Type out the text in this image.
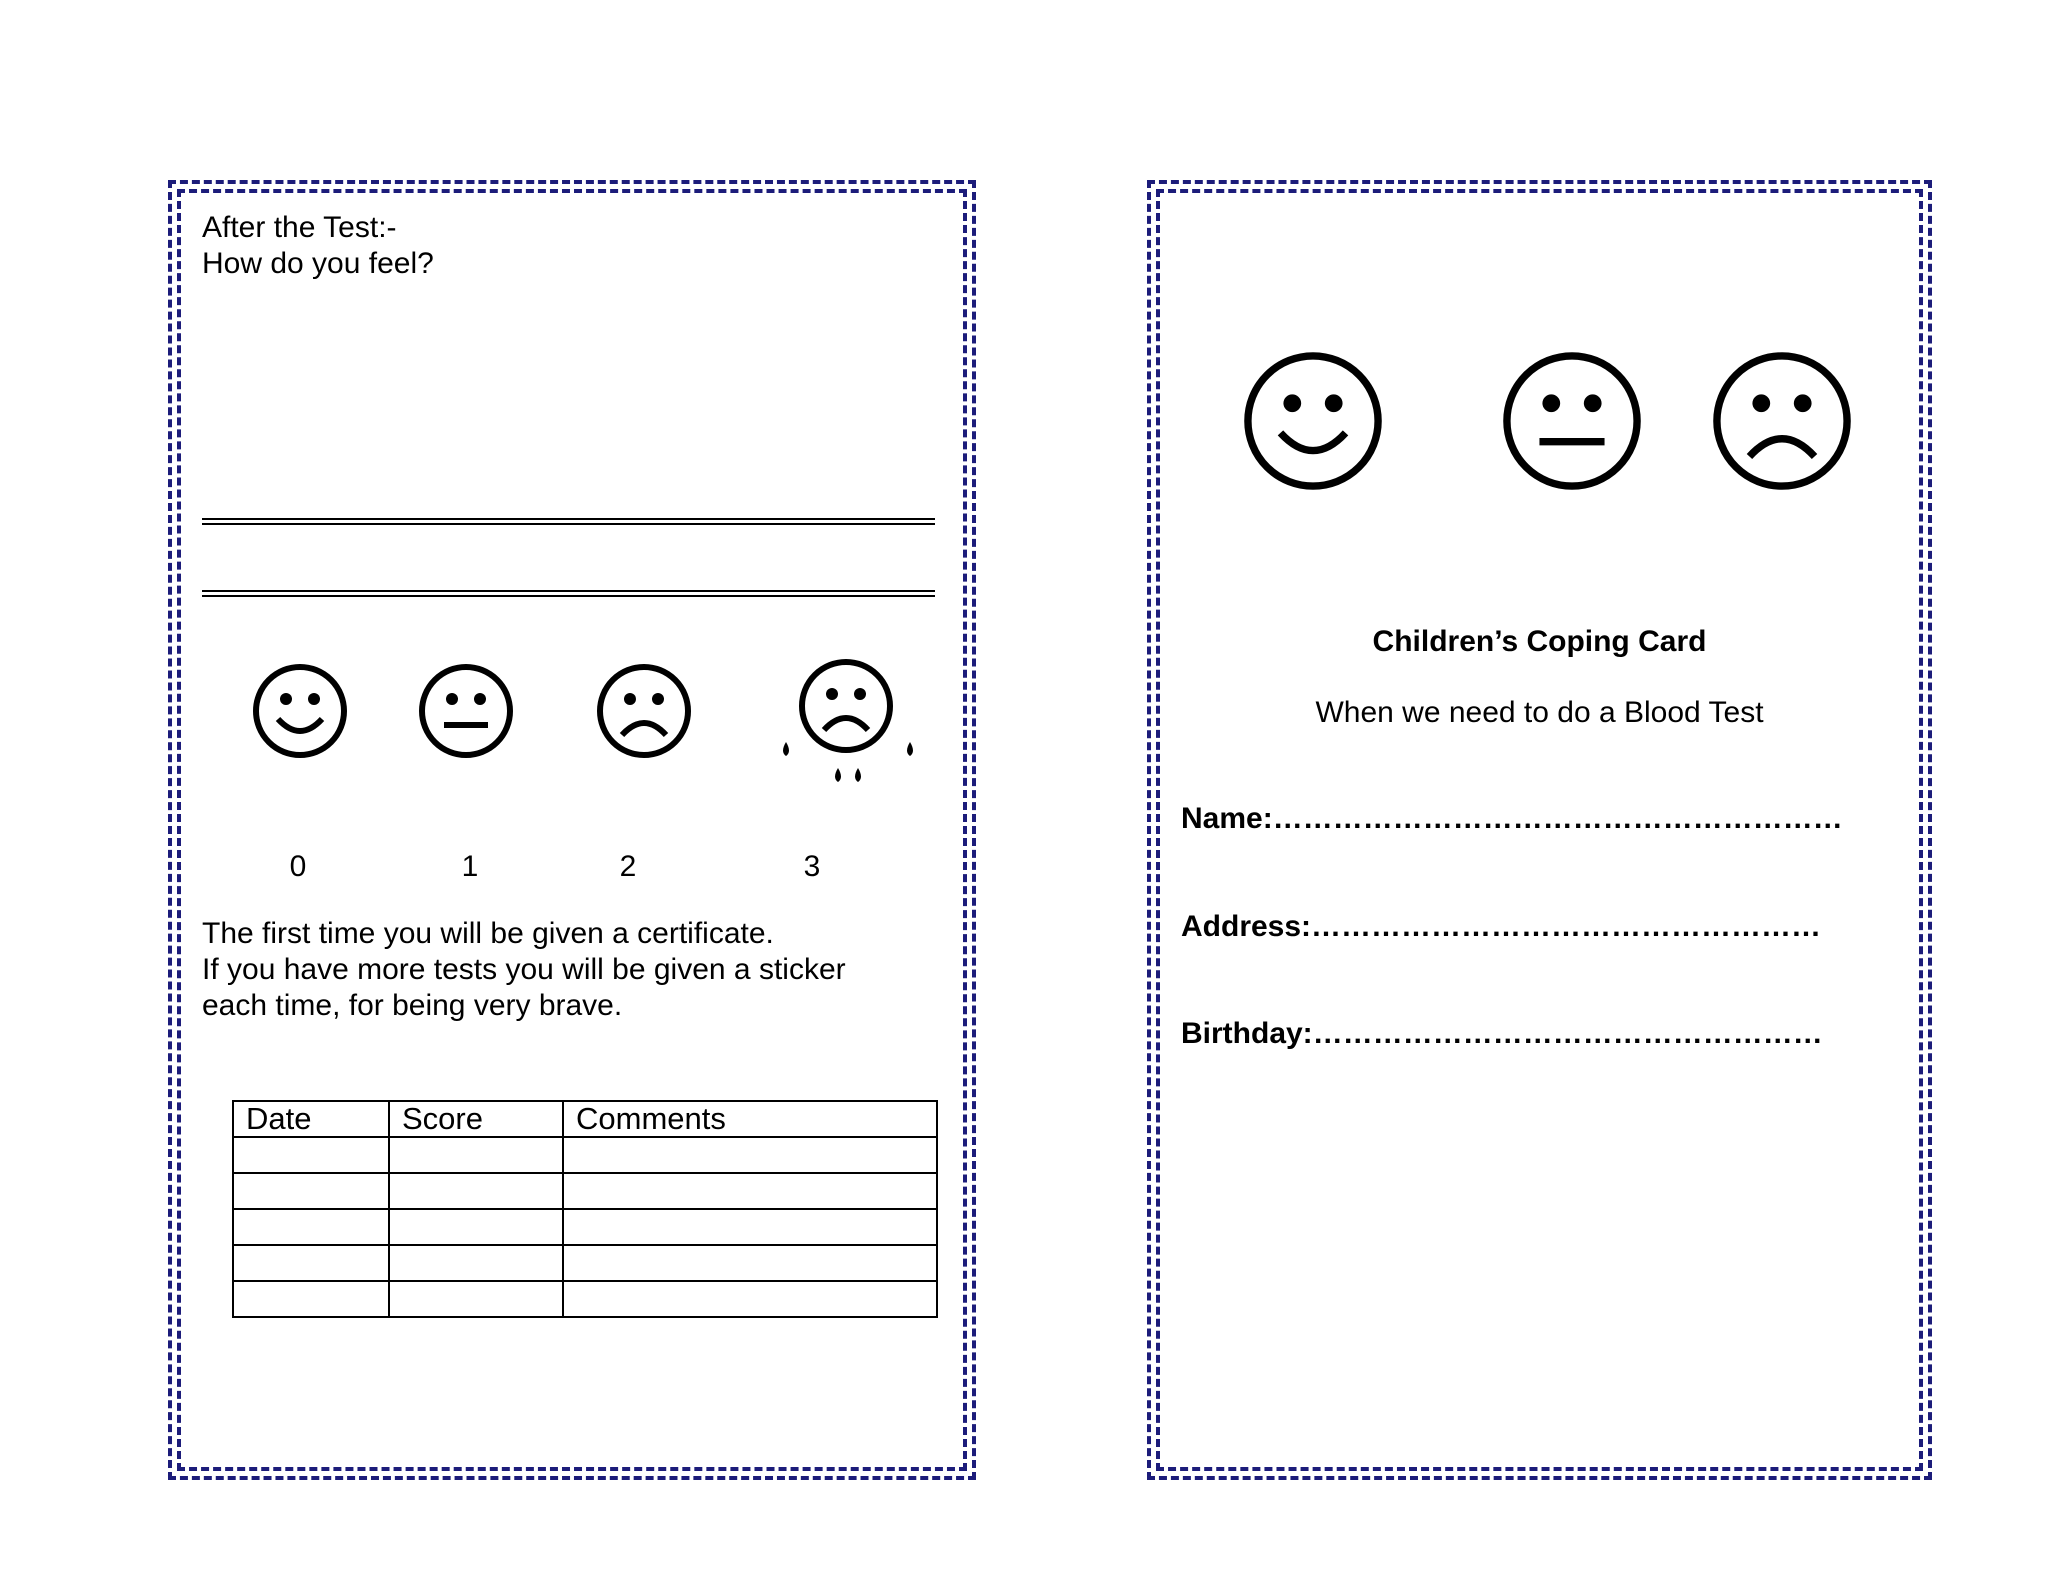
After the Test:-
How do you feel?
0	1	2	3
The first time you will be given a certificate.
If you have more tests you will be given a sticker
each time, for being very brave.
Date	Score	Comments

Children’s Coping Card
When we need to do a Blood Test
Name:…………………………………………………
Address:……………………………………………
Birthday:……………………………………………
